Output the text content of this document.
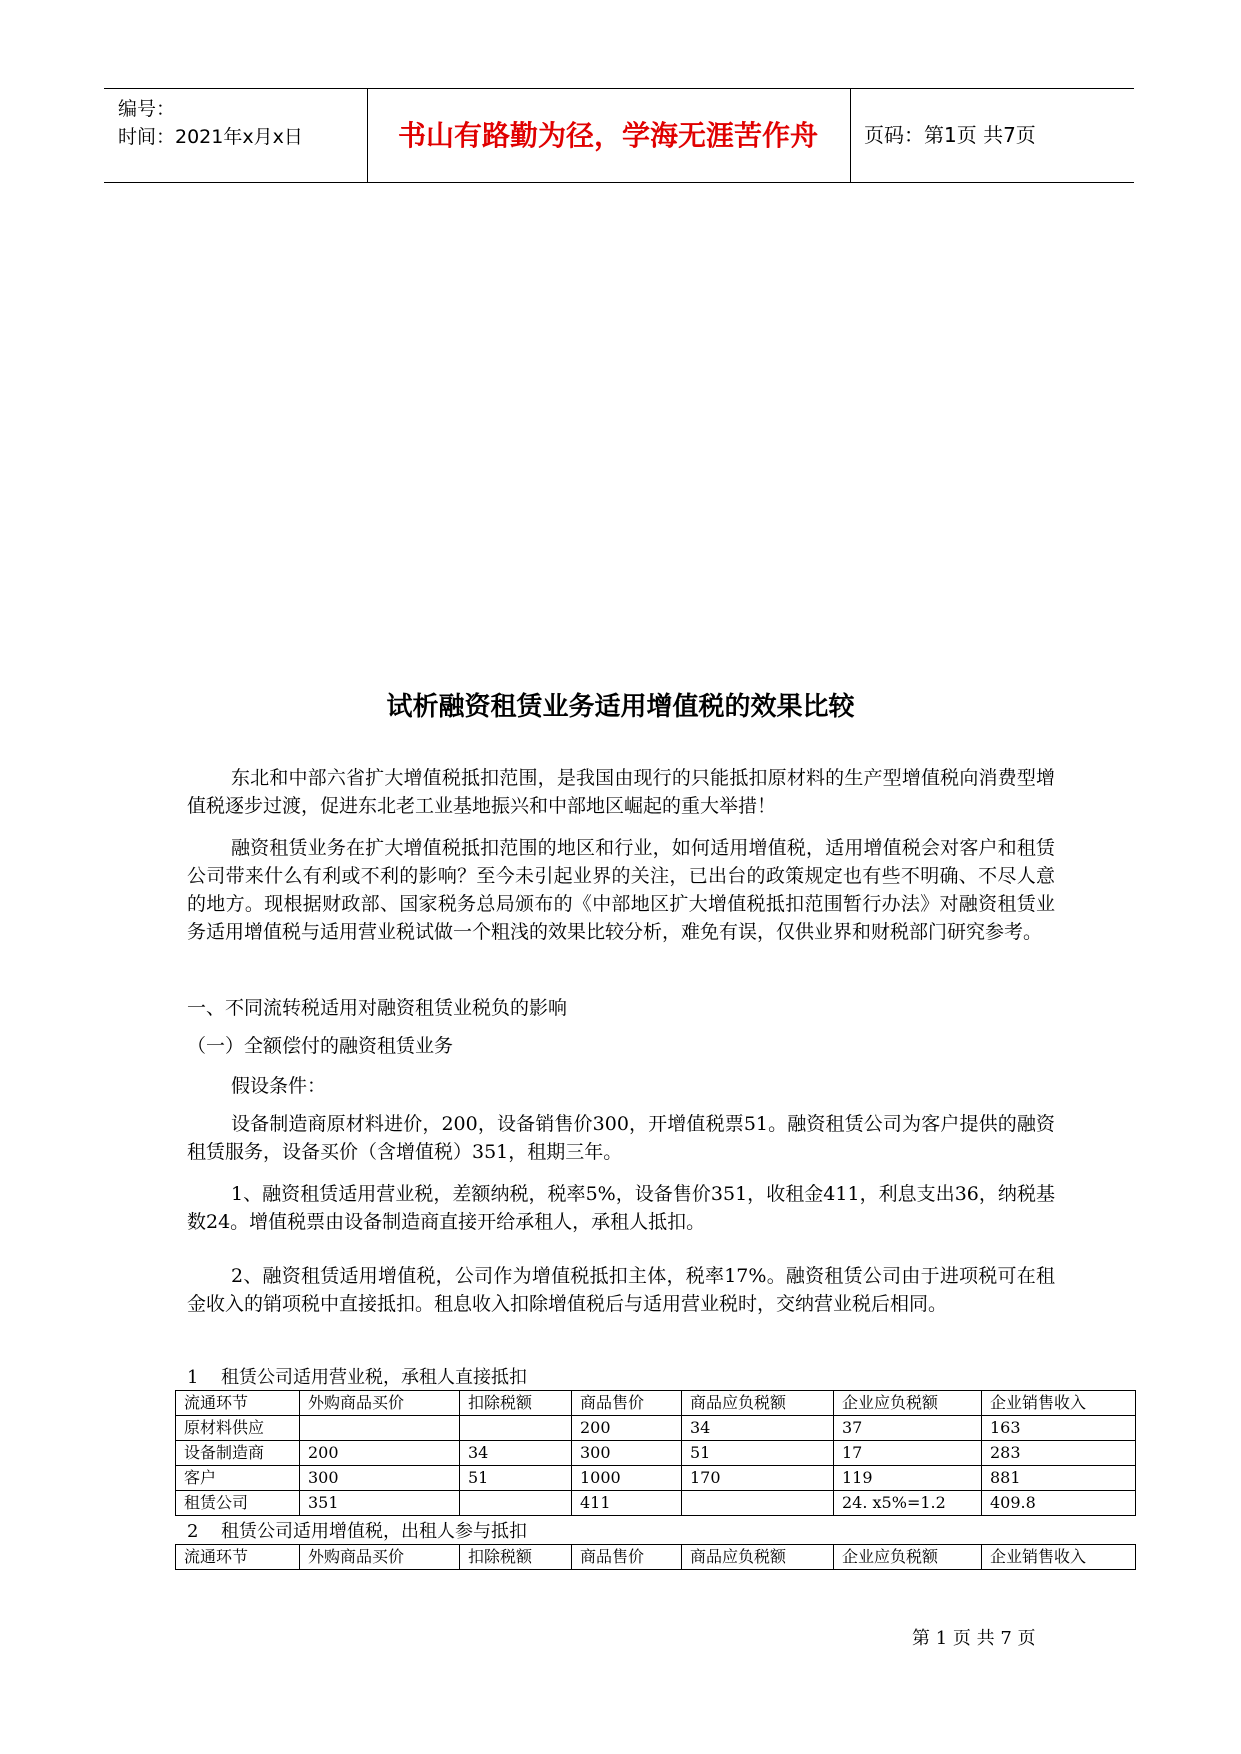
编号：
时间：2021年x月x日	书山有路勤为径，学海无涯苦作舟	页码：第1页 共7页
试析融资租赁业务适用增值税的效果比较

东北和中部六省扩大增值税抵扣范围，是我国由现行的只能抵扣原材料的生产型增值税向消费型增值税逐步过渡，促进东北老工业基地振兴和中部地区崛起的重大举措！

融资租赁业务在扩大增值税抵扣范围的地区和行业，如何适用增值税，适用增值税会对客户和租赁公司带来什么有利或不利的影响？至今未引起业界的关注，已出台的政策规定也有些不明确、不尽人意的地方。现根据财政部、国家税务总局颁布的《中部地区扩大增值税抵扣范围暂行办法》对融资租赁业务适用增值税与适用营业税试做一个粗浅的效果比较分析，难免有误，仅供业界和财税部门研究参考。

一、不同流转税适用对融资租赁业税负的影响

（一）全额偿付的融资租赁业务

假设条件：

设备制造商原材料进价，200，设备销售价300，开增值税票51。融资租赁公司为客户提供的融资租赁服务，设备买价（含增值税）351，租期三年。

1、融资租赁适用营业税，差额纳税，税率5%，设备售价351，收租金411，利息支出36，纳税基数24。增值税票由设备制造商直接开给承租人，承租人抵扣。

2、融资租赁适用增值税，公司作为增值税抵扣主体，税率17%。融资租赁公司由于进项税可在租金收入的销项税中直接抵扣。租息收入扣除增值税后与适用营业税时，交纳营业税后相同。

1 租赁公司适用营业税，承租人直接抵扣
流通环节	外购商品买价	扣除税额	商品售价	商品应负税额	企业应负税额	企业销售收入
原材料供应			200	34	37	163
设备制造商	200	34	300	51	17	283
客户	300	51	1000	170	119	881
租赁公司	351		411		24. x5%=1.2	409.8
2 租赁公司适用增值税，出租人参与抵扣
流通环节	外购商品买价	扣除税额	商品售价	商品应负税额	企业应负税额	企业销售收入
第 1 页 共 7 页
